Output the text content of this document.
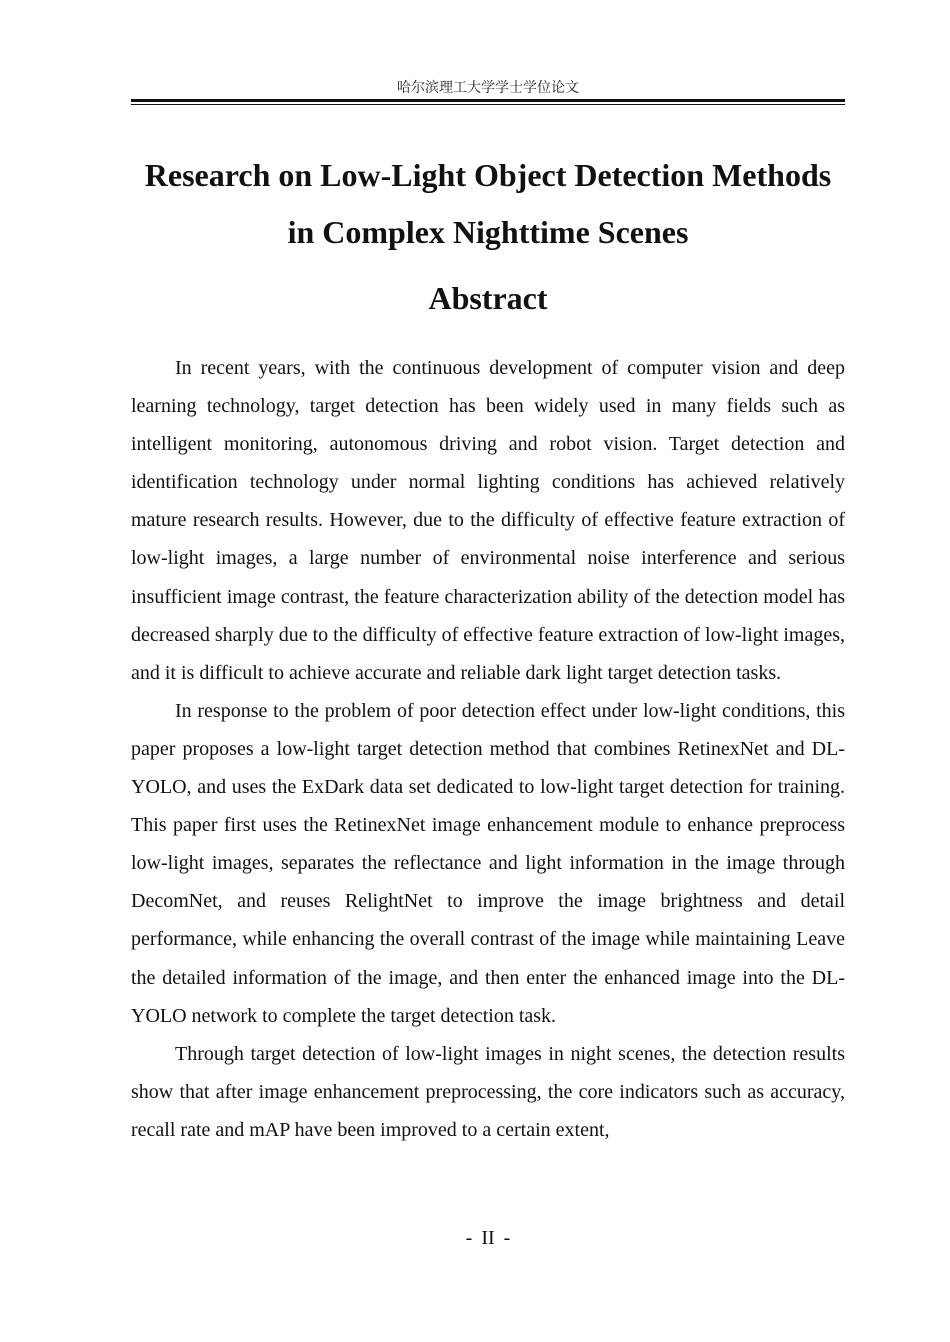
哈尔滨理工大学学士学位论文
Research on Low-Light Object Detection Methods
in Complex Nighttime Scenes
Abstract

In recent years, with the continuous development of computer vision and deep learning technology, target detection has been widely used in many fields such as intelligent monitoring, autonomous driving and robot vision. Target detection and identification technology under normal lighting conditions has achieved relatively mature research results. However, due to the difficulty of effective feature extraction of low-light images, a large number of environmental noise interference and serious insufficient image contrast, the feature characterization ability of the detection model has decreased sharply due to the difficulty of effective feature extraction of low-light images, and it is difficult to achieve accurate and reliable dark light target detection tasks.

In response to the problem of poor detection effect under low-light conditions, this paper proposes a low-light target detection method that combines RetinexNet and DL-YOLO, and uses the ExDark data set dedicated to low-light target detection for training. This paper first uses the RetinexNet image enhancement module to enhance preprocess low-light images, separates the reflectance and light information in the image through DecomNet, and reuses RelightNet to improve the image brightness and detail performance, while enhancing the overall contrast of the image while maintaining Leave the detailed information of the image, and then enter the enhanced image into the DL-YOLO network to complete the target detection task.

Through target detection of low-light images in night scenes, the detection results show that after image enhancement preprocessing, the core indicators such as accuracy, recall rate and mAP have been improved to a certain extent,

- II -
